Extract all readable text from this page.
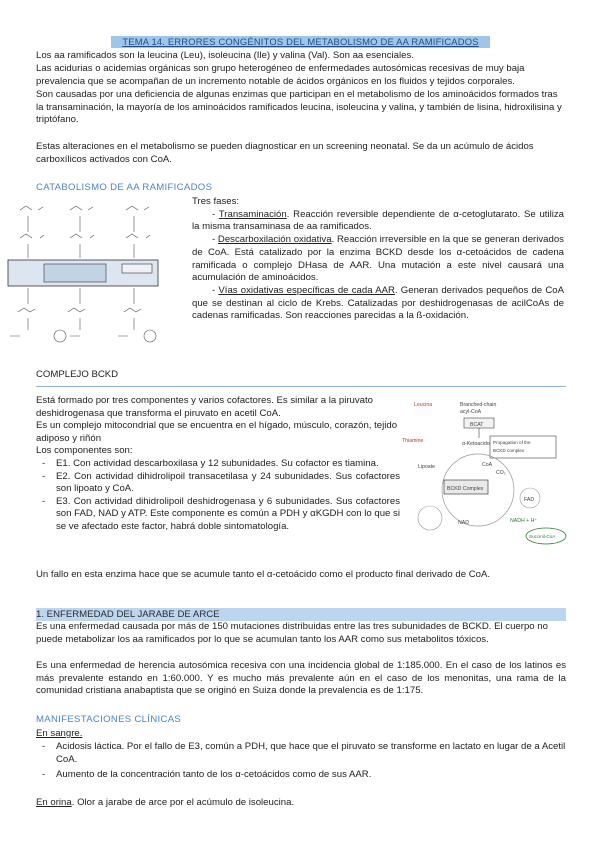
TEMA 14. ERRORES CONGÉNITOS DEL METABOLISMO DE AA RAMIFICADOS
Los aa ramificados son la leucina (Leu), isoleucina (Ile) y valina (Val). Son aa esenciales.
Las acidurias o acidemias orgánicas son grupo heterogéneo de enfermedades autosómicas recesivas de muy baja prevalencia que se acompañan de un incremento notable de ácidos orgánicos en los fluidos y tejidos corporales.
Son causadas por una deficiencia de algunas enzimas que participan en el metabolismo de los aminoácidos formados tras la transaminación, la mayoría de los aminoácidos ramificados leucina, isoleucina y valina, y también de lisina, hidroxilisina y triptófano.
Estas alteraciones en el metabolismo se pueden diagnosticar en un screening neonatal. Se da un acúmulo de ácidos carboxílicos activados con CoA.
CATABOLISMO DE AA RAMIFICADOS
Tres fases:
- Transaminación. Reacción reversible dependiente de α-cetoglutarato. Se utiliza la misma transaminasa de aa ramificados.
- Descarboxilación oxidativa. Reacción irreversible en la que se generan derivados de CoA. Está catalizado por la enzima BCKD desde los α-cetoácidos de cadena ramificada o complejo DHasa de AAR. Una mutación a este nivel causará una acumulación de aminoácidos.
- Vías oxidativas específicas de cada AAR. Generan derivados pequeños de CoA que se destinan al ciclo de Krebs. Catalizadas por deshidrogenasas de acilCoAs de cadenas ramificadas. Son reacciones parecidas a la ß-oxidación.
COMPLEJO BCKD
Está formado por tres componentes y varios cofactores. Es similar a la piruvato deshidrogenasa que transforma el piruvato en acetil CoA.
Es un complejo mitocondrial que se encuentra en el hígado, músculo, corazón, tejido adiposo y riñón
Los componentes son:
- E1. Con actividad descarboxilasa y 12 subunidades. Su cofactor es tiamina.
- E2. Con actividad dihidrolipoil transacetilasa y 24 subunidades. Sus cofactores son lipoato y CoA.
- E3. Con actividad dihidrolipoil deshidrogenasa y 6 subunidades. Sus cofactores son FAD, NAD y ATP. Este componente es común a PDH y αKGDH con lo que si se ve afectado este factor, habrá doble sintomatología.
Un fallo en esta enzima hace que se acumule tanto el α-cetoácido como el producto final derivado de CoA.
Leucina	Branched-chain
acyl-CoA
BCAT
α-Ketoacido
Thiamine	Propagation of the
BCKD complex
CoA
CO₂
BCKD Complex
Lipoate
FAD
NAD	NADH + H⁺
Succinil-CoA
1. ENFERMEDAD DEL JARABE DE ARCE
Es una enfermedad causada por más de 150 mutaciones distribuidas entre las tres subunidades de BCKD. El cuerpo no puede metabolizar los aa ramificados por lo que se acumulan tanto los AAR como sus metabolitos tóxicos.
Es una enfermedad de herencia autosómica recesiva con una incidencia global de 1:185.000. En el caso de los latinos es más prevalente estando en 1:60.000. Y es mucho más prevalente aún en el caso de los menonitas, una rama de la comunidad cristiana anabaptista que se originó en Suiza donde la prevalencia es de 1:175.
MANIFESTACIONES CLÍNICAS
En sangre.
- Acidosis láctica. Por el fallo de E3, común a PDH, que hace que el piruvato se transforme en lactato en lugar de a Acetil CoA.
- Aumento de la concentración tanto de los α-cetoácidos como de sus AAR.
En orina. Olor a jarabe de arce por el acúmulo de isoleucina.
